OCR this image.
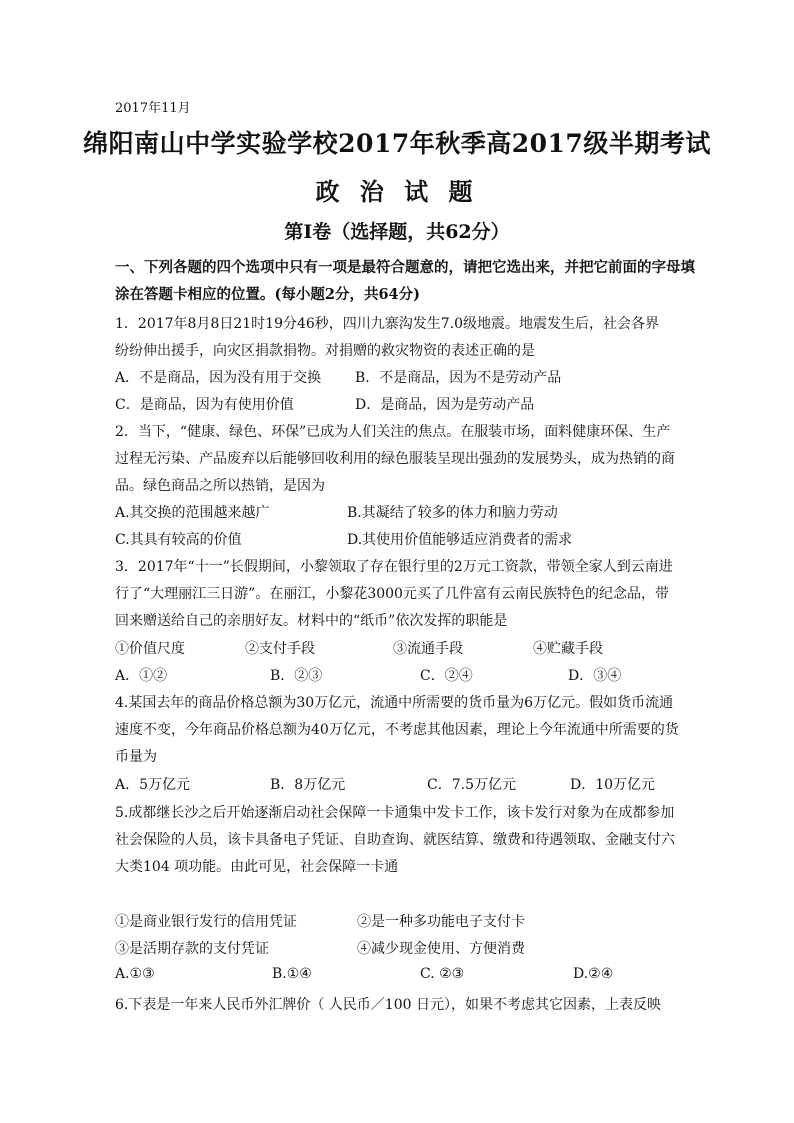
2017年11月
绵阳南山中学实验学校2017年秋季高2017级半期考试
政 治 试 题
第Ⅰ卷（选择题，共62分）
一、下列各题的四个选项中只有一项是最符合题意的，请把它选出来，并把它前面的字母填
涂在答题卡相应的位置。(每小题2分，共64分)
1．2017年8月8日21时19分46秒，四川九寨沟发生7.0级地震。地震发生后，社会各界
纷纷伸出援手，向灾区捐款捐物。对捐赠的救灾物资的表述正确的是
A．不是商品，因为没有用于交换 B．不是商品，因为不是劳动产品
C．是商品，因为有使用价值	D．是商品，因为是劳动产品
2．当下，“健康、绿色、环保”已成为人们关注的焦点。在服装市场，面料健康环保、生产
过程无污染、产品废弃以后能够回收利用的绿色服装呈现出强劲的发展势头，成为热销的商
品。绿色商品之所以热销，是因为
A.其交换的范围越来越广	B.其凝结了较多的体力和脑力劳动
C.其具有较高的价值	D.其使用价值能够适应消费者的需求
3．2017年“十一”长假期间，小黎领取了存在银行里的2万元工资款，带领全家人到云南进
行了“大理丽江三日游”。在丽江，小黎花3000元买了几件富有云南民族特色的纪念品，带
回来赠送给自己的亲朋好友。材料中的“纸币”依次发挥的职能是
①价值尺度	②支付手段	③流通手段	④贮藏手段
A．①②	B．②③	C．②④	D．③④
4.某国去年的商品价格总额为30万亿元，流通中所需要的货币量为6万亿元。假如货币流通
速度不变，今年商品价格总额为40万亿元，不考虑其他因素，理论上今年流通中所需要的货
币量为
A．5万亿元	B．8万亿元	C．7.5万亿元	D．10万亿元
5.成都继长沙之后开始逐渐启动社会保障一卡通集中发卡工作，该卡发行对象为在成都参加
社会保险的人员，该卡具备电子凭证、自助查询、就医结算、缴费和待遇领取、金融支付六
大类104 项功能。由此可见，社会保障一卡通
①是商业银行发行的信用凭证	②是一种多功能电子支付卡
③是活期存款的支付凭证	④减少现金使用、方便消费
A.①③	B.①④	C. ②③	D.②④
6.下表是一年来人民币外汇牌价（ 人民币／100 日元），如果不考虑其它因素，上表反映
